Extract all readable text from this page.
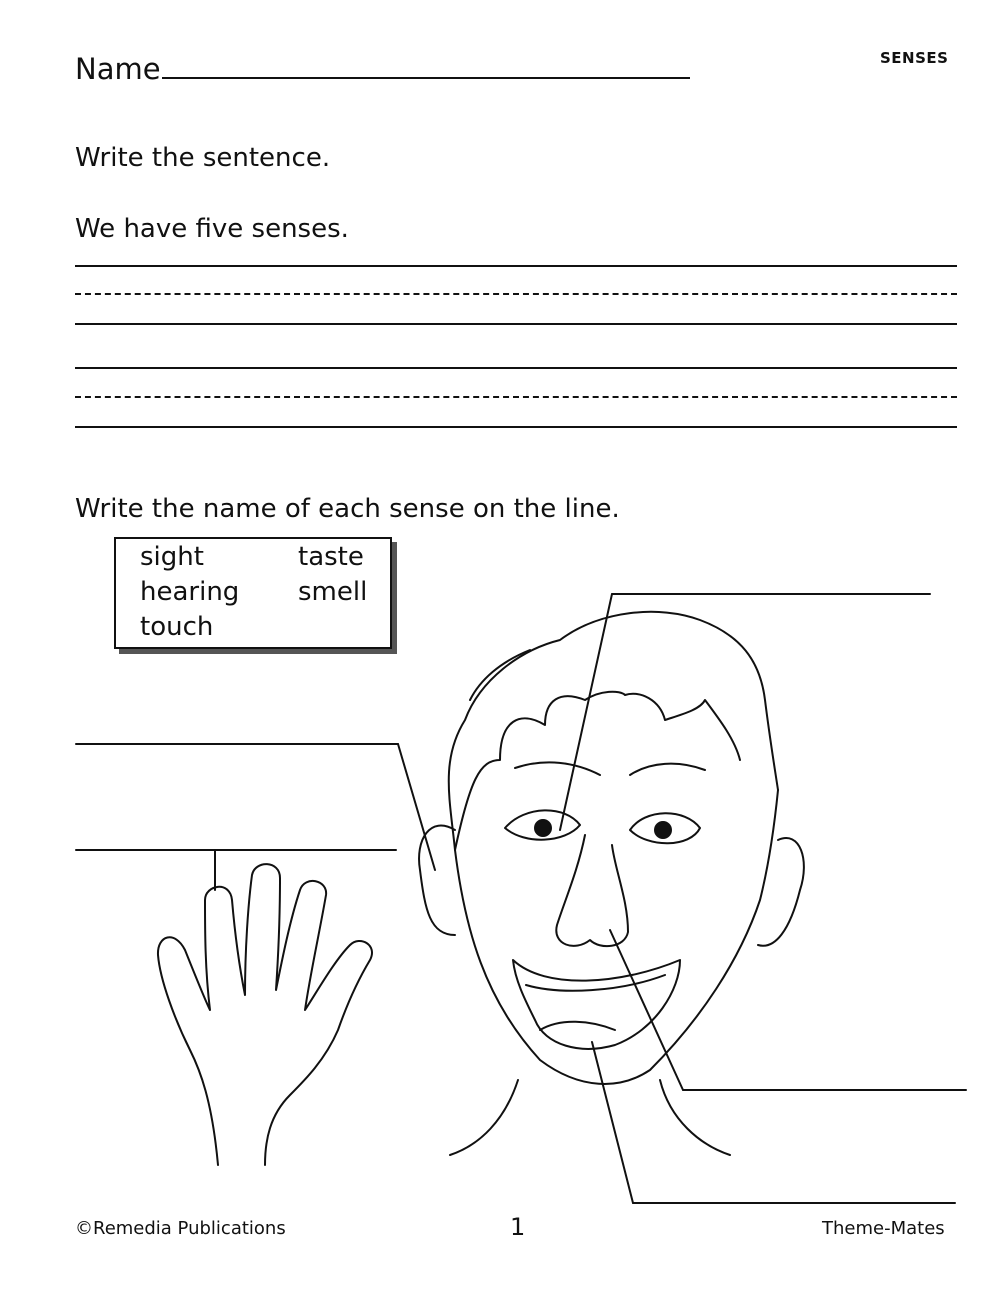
Name	SENSES
Write the sentence.
We have five senses.
Write the name of each sense on the line.
sight	taste
hearing smell
touch
©Remedia Publications	1	Theme-Mates
